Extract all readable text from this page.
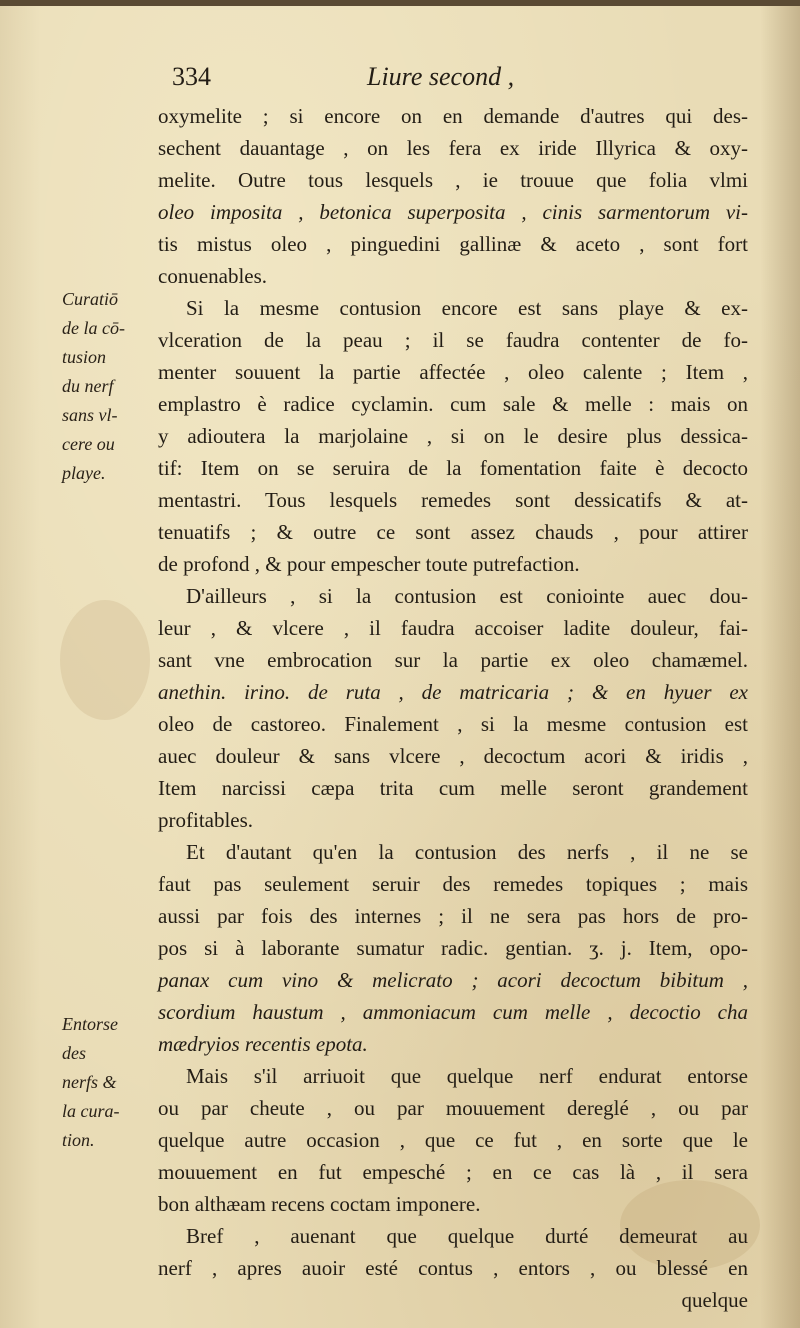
334	Liure second ,
Curatiō
de la cō-
tusion
du nerf
sans vl-
cere ou
playe.
Entorse
des
nerfs &
la cura-
tion.
oxymelite ; si encore on en demande d'autres qui des-
sechent dauantage , on les fera ex iride Illyrica & oxy-
melite. Outre tous lesquels , ie trouue que folia vlmi
oleo imposita , betonica superposita , cinis sarmentorum vi-
tis mistus oleo , pinguedini gallinæ & aceto , sont fort
conuenables.
Si la mesme contusion encore est sans playe & ex-
vlceration de la peau ; il se faudra contenter de fo-
menter souuent la partie affectée , oleo calente ; Item ,
emplastro è radice cyclamin. cum sale & melle : mais on
y adioutera la marjolaine , si on le desire plus dessica-
tif: Item on se seruira de la fomentation faite è decocto
mentastri. Tous lesquels remedes sont dessicatifs & at-
tenuatifs ; & outre ce sont assez chauds , pour attirer
de profond , & pour empescher toute putrefaction.
D'ailleurs , si la contusion est coniointe auec dou-
leur , & vlcere , il faudra accoiser ladite douleur, fai-
sant vne embrocation sur la partie ex oleo chamæmel.
anethin. irino. de ruta , de matricaria ; & en hyuer ex
oleo de castoreo. Finalement , si la mesme contusion est
auec douleur & sans vlcere , decoctum acori & iridis ,
Item narcissi cæpa trita cum melle seront grandement
profitables.
Et d'autant qu'en la contusion des nerfs , il ne se
faut pas seulement seruir des remedes topiques ; mais
aussi par fois des internes ; il ne sera pas hors de pro-
pos si à laborante sumatur radic. gentian. ʒ. j. Item, opo-
panax cum vino & melicrato ; acori decoctum bibitum ,
scordium haustum , ammoniacum cum melle , decoctio cha
mædryios recentis epota.
Mais s'il arriuoit que quelque nerf endurat entorse
ou par cheute , ou par mouuement dereglé , ou par
quelque autre occasion , que ce fut , en sorte que le
mouuement en fut empesché ; en ce cas là , il sera
bon althæam recens coctam imponere.
Bref , auenant que quelque durté demeurat au
nerf , apres auoir esté contus , entors , ou blessé en
quelque
